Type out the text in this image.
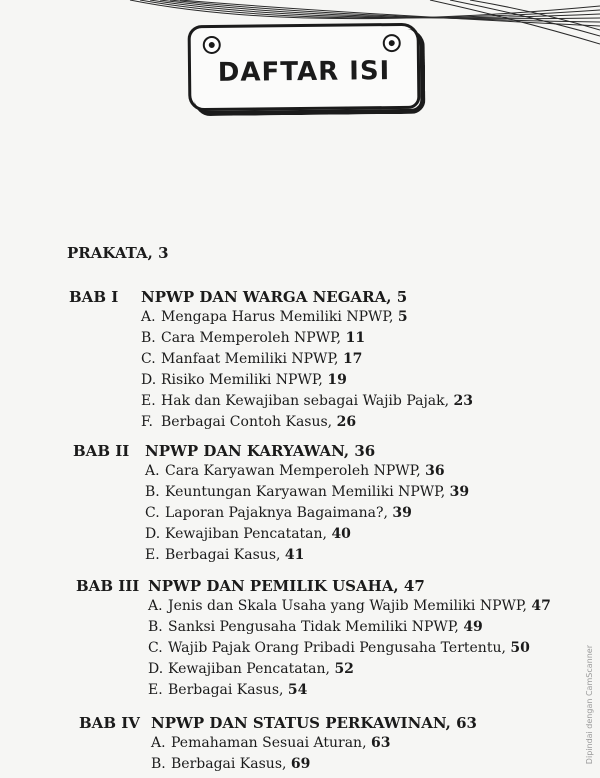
DAFTAR ISI
PRAKATA, 3
BAB I NPWP DAN WARGA NEGARA, 5
A. Mengapa Harus Memiliki NPWP, 5
B. Cara Memperoleh NPWP, 11
C. Manfaat Memiliki NPWP, 17
D. Risiko Memiliki NPWP, 19
E. Hak dan Kewajiban sebagai Wajib Pajak, 23
F. Berbagai Contoh Kasus, 26
BAB II NPWP DAN KARYAWAN, 36
A. Cara Karyawan Memperoleh NPWP, 36
B. Keuntungan Karyawan Memiliki NPWP, 39
C. Laporan Pajaknya Bagaimana?, 39
D. Kewajiban Pencatatan, 40
E. Berbagai Kasus, 41
BAB III NPWP DAN PEMILIK USAHA, 47
A. Jenis dan Skala Usaha yang Wajib Memiliki NPWP, 47
B. Sanksi Pengusaha Tidak Memiliki NPWP, 49
C. Wajib Pajak Orang Pribadi Pengusaha Tertentu, 50
D. Kewajiban Pencatatan, 52
E. Berbagai Kasus, 54
BAB IV NPWP DAN STATUS PERKAWINAN, 63
A. Pemahaman Sesuai Aturan, 63
B. Berbagai Kasus, 69	Dipindai dengan CamScanner
